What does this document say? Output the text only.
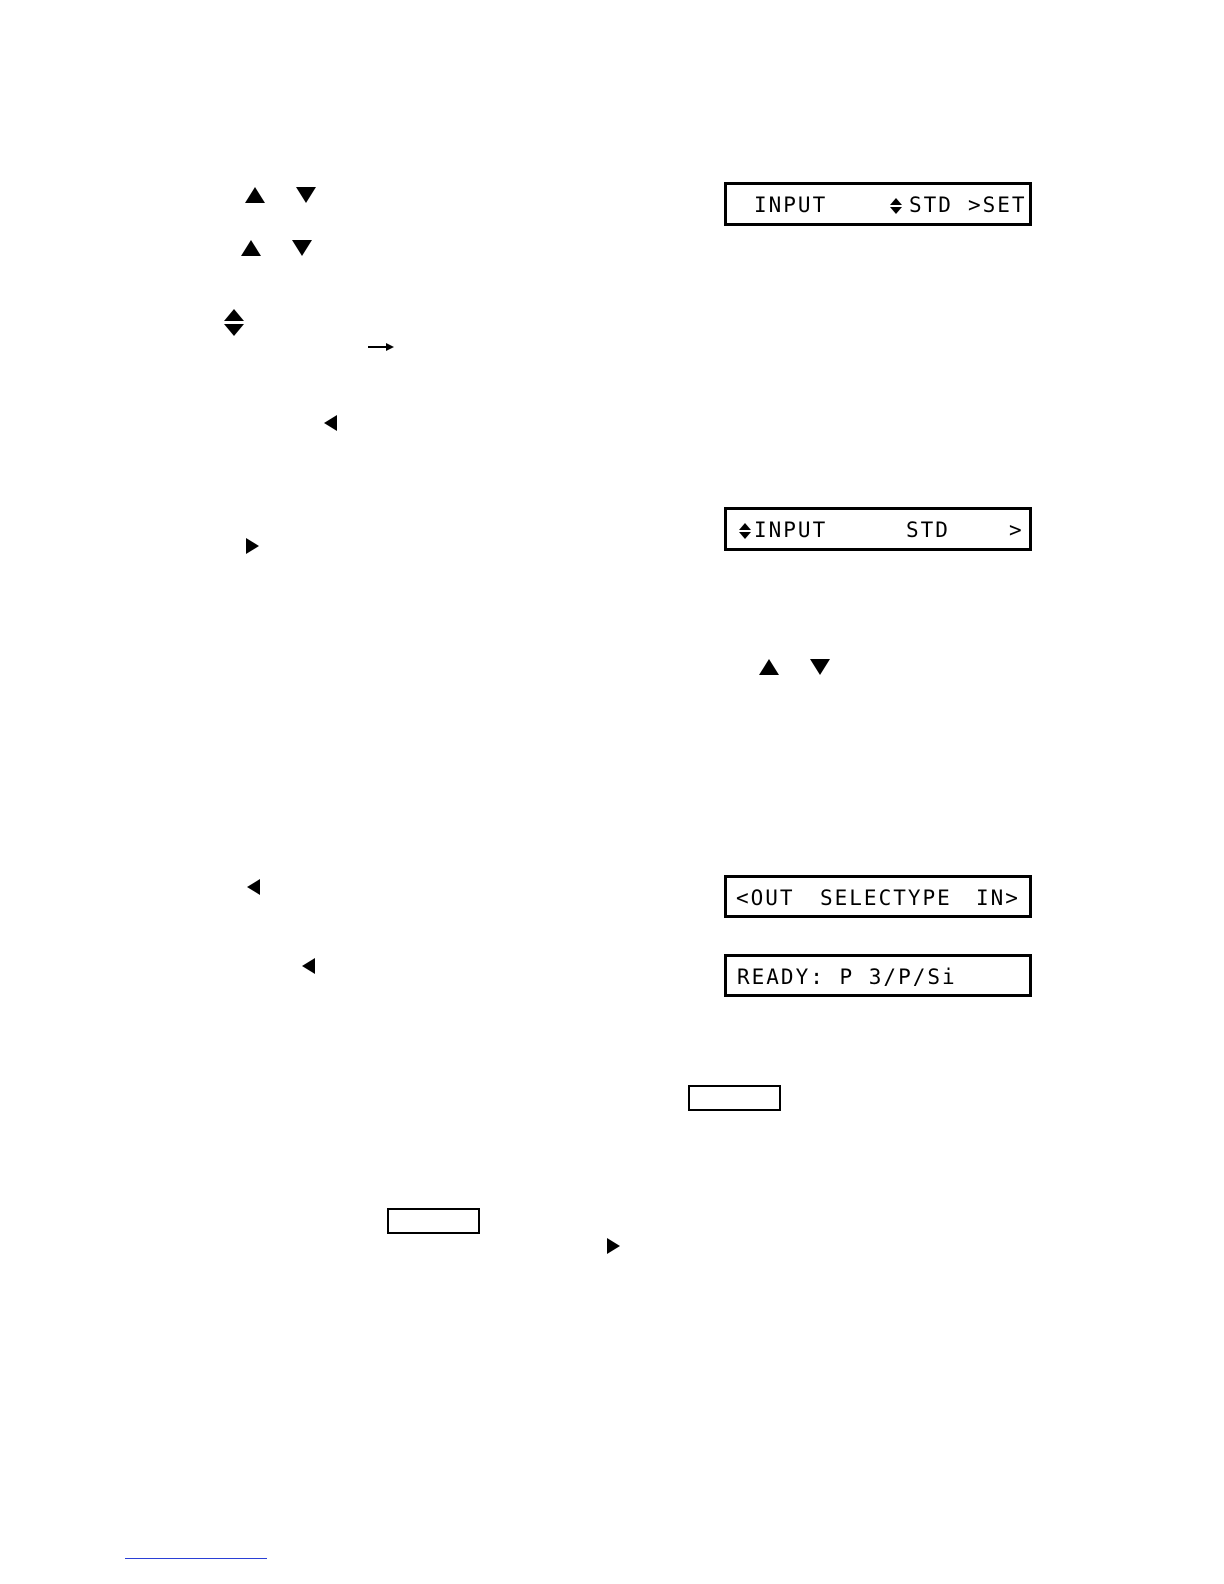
INPUT

	STD

>SET

INPUT

	STD

	>

<OUT

SELECTYPE

IN>

READY: P 3/P/Si
